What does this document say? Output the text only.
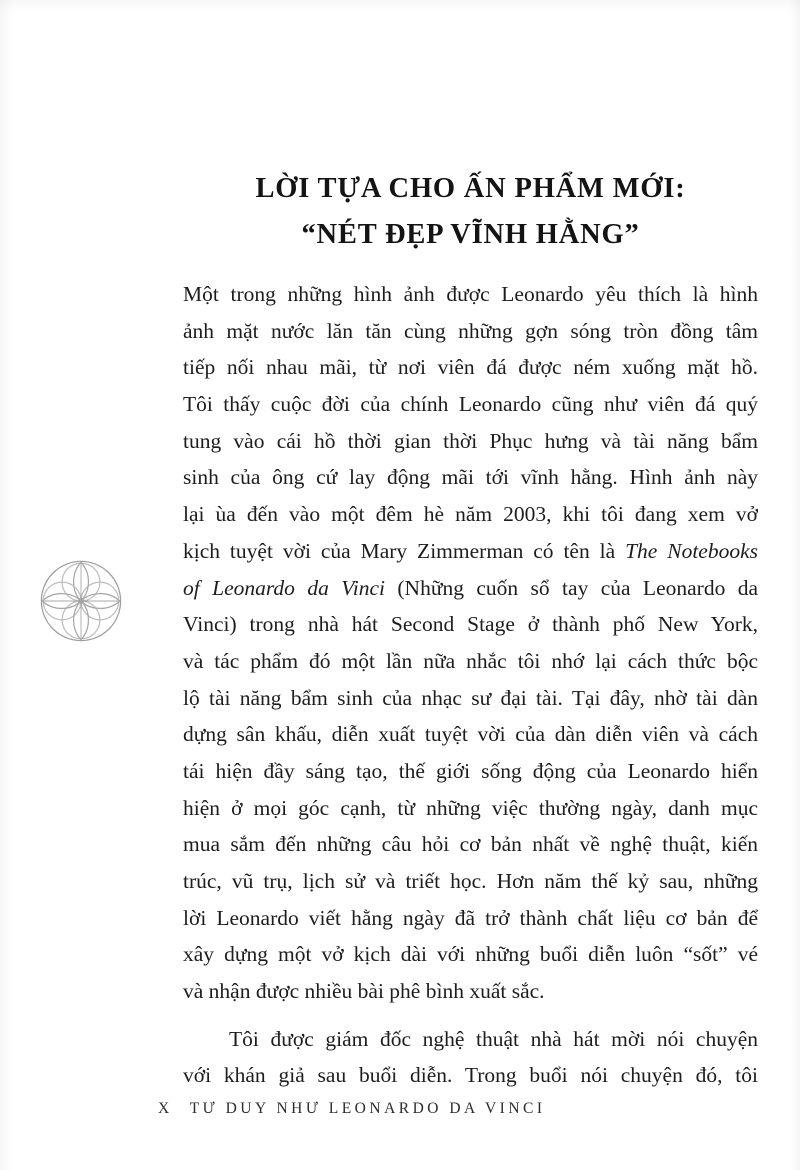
LỜI TỰA CHO ẤN PHẨM MỚI:
“NÉT ĐẸP VĨNH HẰNG”
Một trong những hình ảnh được Leonardo yêu thích là hình
ảnh mặt nước lăn tăn cùng những gợn sóng tròn đồng tâm
tiếp nối nhau mãi, từ nơi viên đá được ném xuống mặt hồ.
Tôi thấy cuộc đời của chính Leonardo cũng như viên đá quý
tung vào cái hồ thời gian thời Phục hưng và tài năng bẩm
sinh của ông cứ lay động mãi tới vĩnh hằng. Hình ảnh này
lại ùa đến vào một đêm hè năm 2003, khi tôi đang xem vở
kịch tuyệt vời của Mary Zimmerman có tên là The Notebooks
of Leonardo da Vinci (Những cuốn sổ tay của Leonardo da
Vinci) trong nhà hát Second Stage ở thành phố New York,
và tác phẩm đó một lần nữa nhắc tôi nhớ lại cách thức bộc
lộ tài năng bẩm sinh của nhạc sư đại tài. Tại đây, nhờ tài dàn
dựng sân khấu, diễn xuất tuyệt vời của dàn diễn viên và cách
tái hiện đầy sáng tạo, thế giới sống động của Leonardo hiển
hiện ở mọi góc cạnh, từ những việc thường ngày, danh mục
mua sắm đến những câu hỏi cơ bản nhất về nghệ thuật, kiến
trúc, vũ trụ, lịch sử và triết học. Hơn năm thế kỷ sau, những
lời Leonardo viết hằng ngày đã trở thành chất liệu cơ bản để
xây dựng một vở kịch dài với những buổi diễn luôn “sốt” vé
và nhận được nhiều bài phê bình xuất sắc.
Tôi được giám đốc nghệ thuật nhà hát mời nói chuyện
với khán giả sau buổi diễn. Trong buổi nói chuyện đó, tôi
X TƯ DUY NHƯ LEONARDO DA VINCI
